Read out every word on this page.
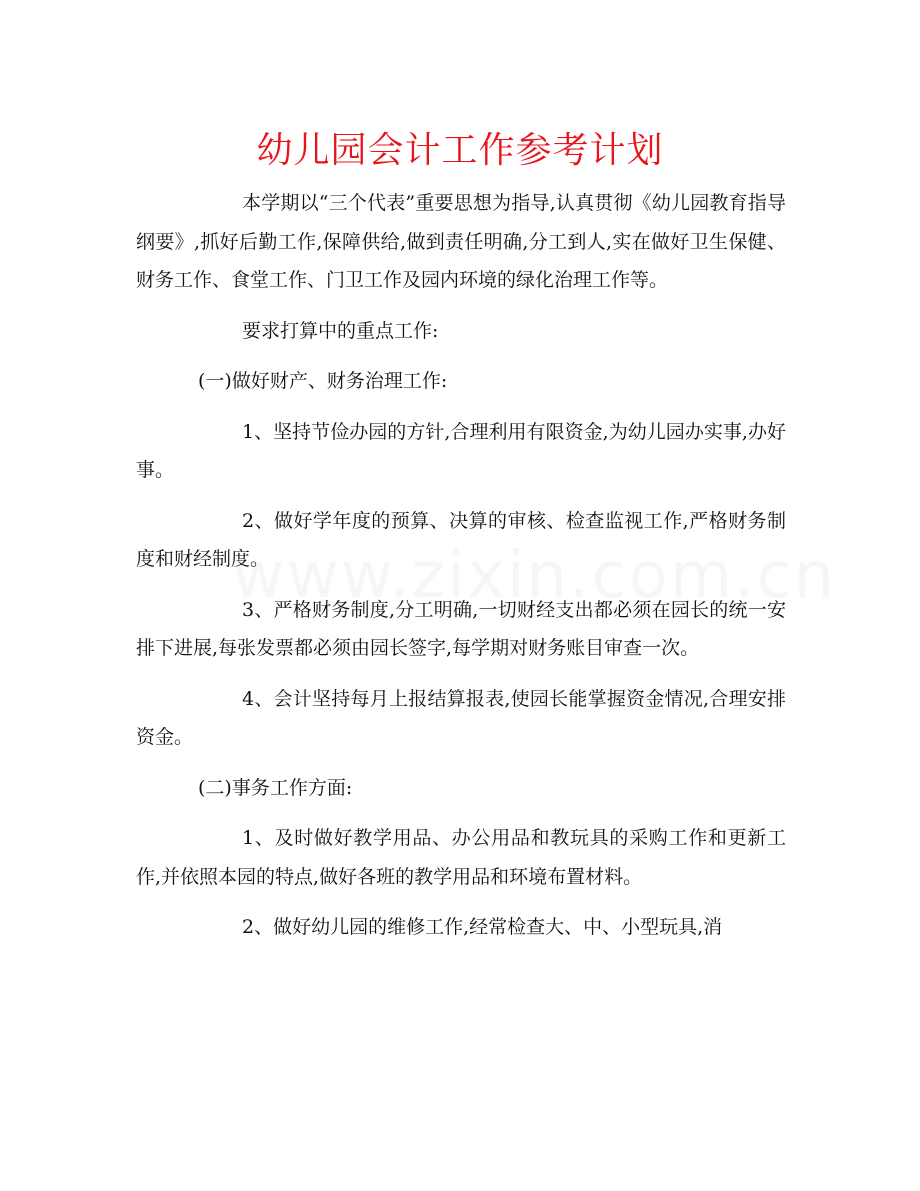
幼儿园会计工作参考计划

本学期以“三个代表”重要思想为指导,认真贯彻《幼儿园教育指导纲要》,抓好后勤工作,保障供给,做到责任明确,分工到人,实在做好卫生保健、财务工作、食堂工作、门卫工作及园内环境的绿化治理工作等。

要求打算中的重点工作:

(一)做好财产、财务治理工作:

1、坚持节俭办园的方针,合理利用有限资金,为幼儿园办实事,办好事。

2、做好学年度的预算、决算的审核、检查监视工作,严格财务制度和财经制度。

3、严格财务制度,分工明确,一切财经支出都必须在园长的统一安排下进展,每张发票都必须由园长签字,每学期对财务账目审查一次。

4、会计坚持每月上报结算报表,使园长能掌握资金情况,合理安排资金。

(二)事务工作方面:

1、及时做好教学用品、办公用品和教玩具的采购工作和更新工作,并依照本园的特点,做好各班的教学用品和环境布置材料。

2、做好幼儿园的维修工作,经常检查大、中、小型玩具,消
